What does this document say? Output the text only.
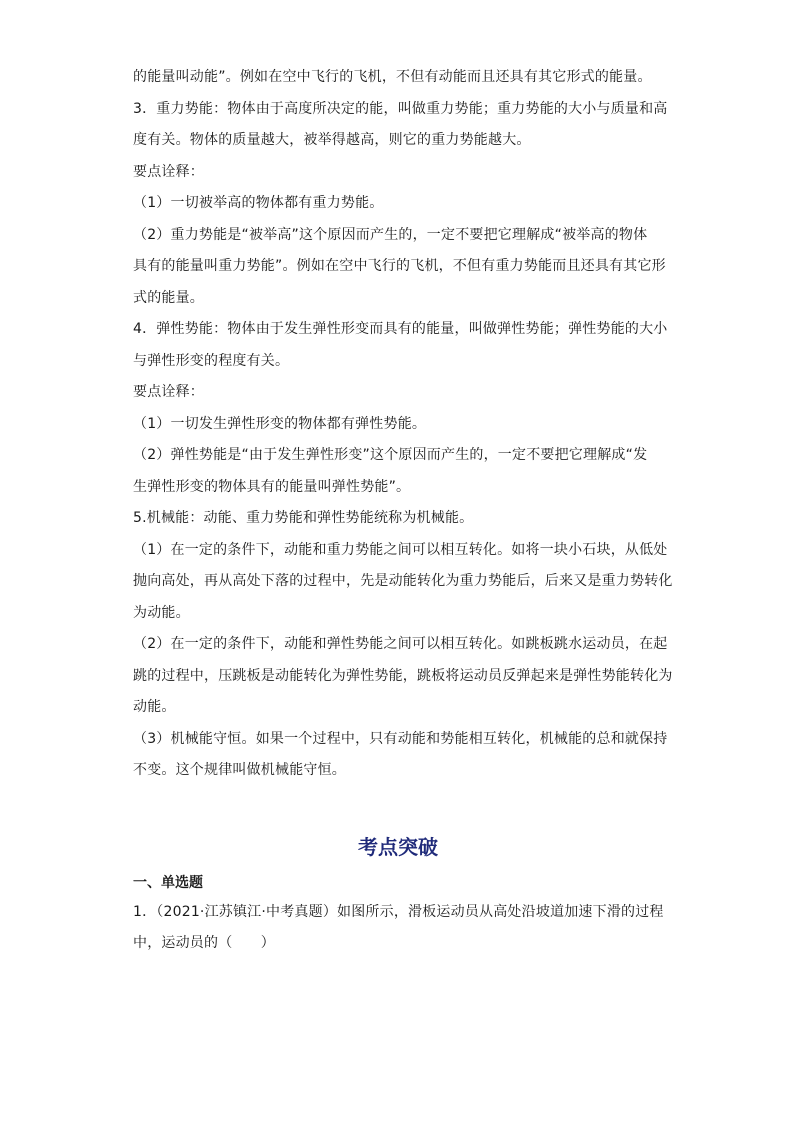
的能量叫动能”。例如在空中飞行的飞机，不但有动能而且还具有其它形式的能量。
3．重力势能：物体由于高度所决定的能，叫做重力势能；重力势能的大小与质量和高
度有关。物体的质量越大，被举得越高，则它的重力势能越大。
要点诠释：
（1）一切被举高的物体都有重力势能。
（2）重力势能是“被举高”这个原因而产生的，一定不要把它理解成“被举高的物体
具有的能量叫重力势能”。例如在空中飞行的飞机，不但有重力势能而且还具有其它形
式的能量。
4．弹性势能：物体由于发生弹性形变而具有的能量，叫做弹性势能；弹性势能的大小
与弹性形变的程度有关。
要点诠释：
（1）一切发生弹性形变的物体都有弹性势能。
（2）弹性势能是“由于发生弹性形变”这个原因而产生的，一定不要把它理解成“发
生弹性形变的物体具有的能量叫弹性势能”。
5.机械能：动能、重力势能和弹性势能统称为机械能。
（1）在一定的条件下，动能和重力势能之间可以相互转化。如将一块小石块，从低处
抛向高处，再从高处下落的过程中，先是动能转化为重力势能后，后来又是重力势转化
为动能。
（2）在一定的条件下，动能和弹性势能之间可以相互转化。如跳板跳水运动员，在起
跳的过程中，压跳板是动能转化为弹性势能，跳板将运动员反弹起来是弹性势能转化为
动能。
（3）机械能守恒。如果一个过程中，只有动能和势能相互转化，机械能的总和就保持
不变。这个规律叫做机械能守恒。
考点突破
一、单选题
1．（2021·江苏镇江·中考真题）如图所示，滑板运动员从高处沿坡道加速下滑的过程
中，运动员的（　　）
